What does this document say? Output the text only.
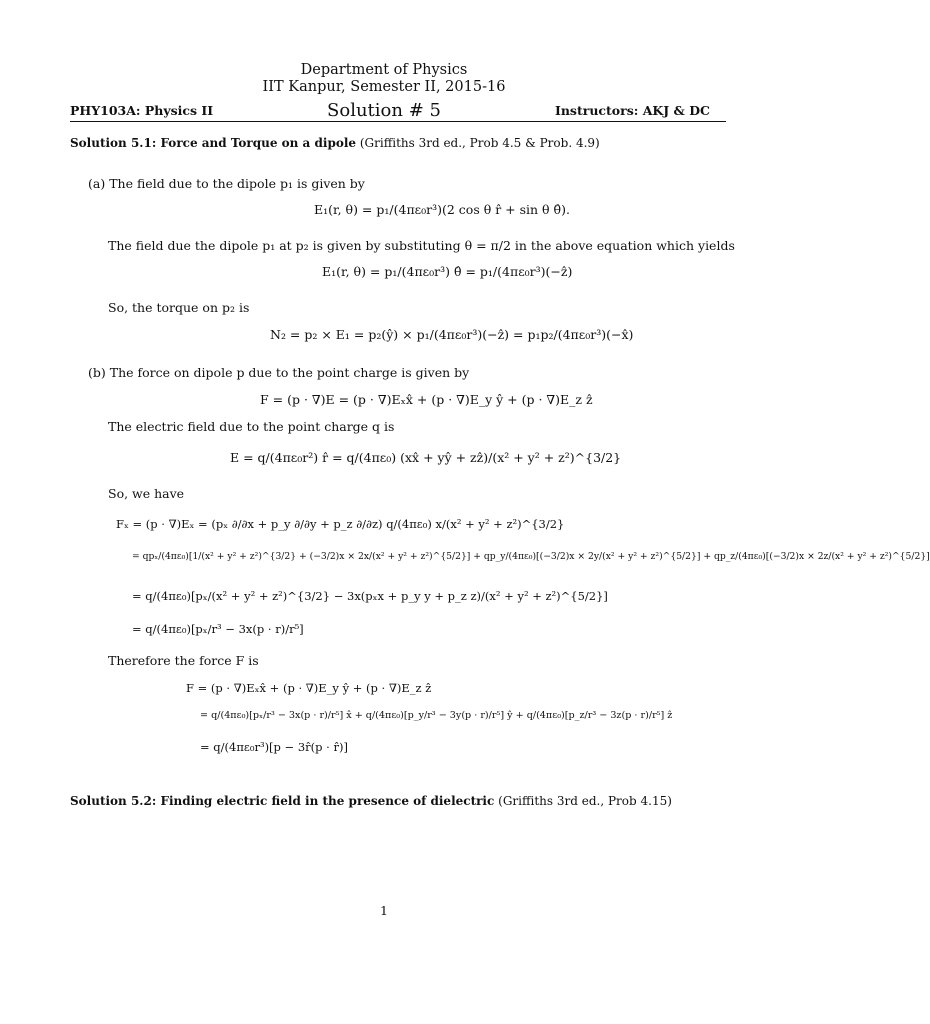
Department of Physics
IIT Kanpur, Semester II, 2015-16
PHY103A: Physics II	Solution # 5	Instructors: AKJ & DC
Solution 5.1: Force and Torque on a dipole (Griffiths 3rd ed., Prob 4.5 & Prob. 4.9)
(a) The field due to the dipole p₁ is given by
E₁(r, θ) = p₁/(4πε₀r³)(2 cos θ r̂ + sin θ θ̂).
The field due the dipole p₁ at p₂ is given by substituting θ = π/2 in the above equation which yields
E₁(r, θ) = p₁/(4πε₀r³) θ̂ = p₁/(4πε₀r³)(−ẑ)
So, the torque on p₂ is
N₂ = p₂ × E₁ = p₂(ŷ) × p₁/(4πε₀r³)(−ẑ) = p₁p₂/(4πε₀r³)(−x̂)
(b) The force on dipole p due to the point charge is given by
F = (p · ∇)E = (p · ∇)Eₓx̂ + (p · ∇)E_y ŷ + (p · ∇)E_z ẑ
The electric field due to the point charge q is
E = q/(4πε₀r²) r̂ = q/(4πε₀) (xx̂ + yŷ + zẑ)/(x² + y² + z²)^{3/2}
So, we have
Fₓ = (p · ∇)Eₓ = (pₓ ∂/∂x + p_y ∂/∂y + p_z ∂/∂z) q/(4πε₀) x/(x² + y² + z²)^{3/2}
= qpₓ/(4πε₀)[1/(x² + y² + z²)^{3/2} + (−3/2)x × 2x/(x² + y² + z²)^{5/2}] + qp_y/(4πε₀)[(−3/2)x × 2y/(x² + y² + z²)^{5/2}] + qp_z/(4πε₀)[(−3/2)x × 2z/(x² + y² + z²)^{5/2}]
= q/(4πε₀)[pₓ/(x² + y² + z²)^{3/2} − 3x(pₓx + p_y y + p_z z)/(x² + y² + z²)^{5/2}]
= q/(4πε₀)[pₓ/r³ − 3x(p · r)/r⁵]
Therefore the force F is
F = (p · ∇)Eₓx̂ + (p · ∇)E_y ŷ + (p · ∇)E_z ẑ
= q/(4πε₀)[pₓ/r³ − 3x(p · r)/r⁵] x̂ + q/(4πε₀)[p_y/r³ − 3y(p · r)/r⁵] ŷ + q/(4πε₀)[p_z/r³ − 3z(p · r)/r⁵] ẑ
= q/(4πε₀r³)[p − 3r̂(p · r̂)]
Solution 5.2: Finding electric field in the presence of dielectric (Griffiths 3rd ed., Prob 4.15)
1
